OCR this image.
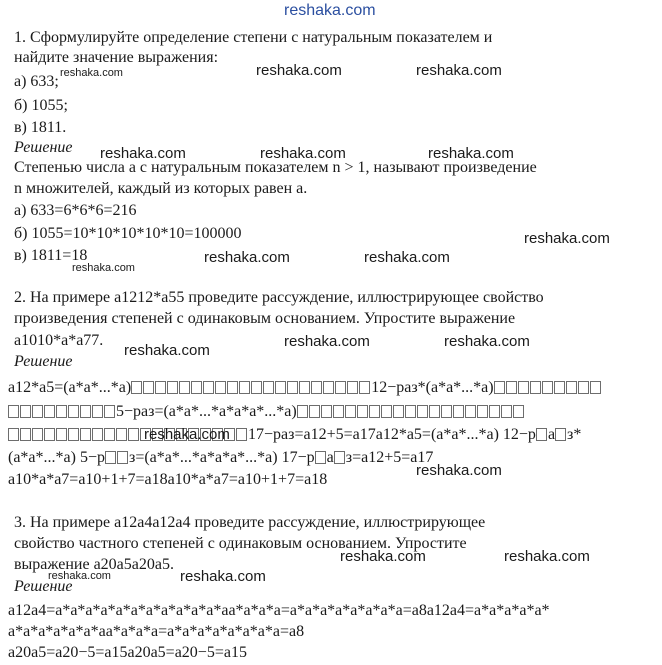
reshaka.com
1. Сформулируйте определение степени с натуральным показателем и
найдите значение выражения:
а) 633;
б) 1055;
в) 1811.
Решение
Степенью числа a с натуральным показателем n > 1, называют произведение
n множителей, каждый из которых равен a.
а) 633=6*6*6=216
б) 1055=10*10*10*10*10=100000
в) 1811=18
reshaka.com	reshaka.com	reshaka.com
reshaka.com	reshaka.com	reshaka.com
reshaka.com
reshaka.com	reshaka.com
reshaka.com
2. На примере a1212*a55 проведите рассуждение, иллюстрирующее свойство
произведения степеней с одинаковым основанием. Упростите выражение
a1010*a*a77.
Решение
reshaka.com
reshaka.com	reshaka.com
a12*a5=(a*a*...*a)	12−раз*(a*a*...*a)
5−раз=(a*a*...*a*a*a*...*a)
17−раз=a12+5=a17a12*a5=(a*a*...*a) 12−р a з*
reshaka.com
(a*a*...*a) 5−р з=(a*a*...*a*a*a*...*a) 17−р a з=a12+5=a17
reshaka.com
a10*a*a7=a10+1+7=a18a10*a*a7=a10+1+7=a18
3. На примере a12a4a12a4 проведите рассуждение, иллюстрирующее
свойство частного степеней с одинаковым основанием. Упростите
выражение a20a5a20a5.
Решение
reshaka.com	reshaka.com
reshaka.com	reshaka.com
a12a4=a*a*a*a*a*a*a*a*a*a*a*aa*a*a*a=a*a*a*a*a*a*a*a=a8a12a4=a*a*a*a*a*
a*a*a*a*a*a*aa*a*a*a=a*a*a*a*a*a*a*a=a8
a20a5=a20−5=a15a20a5=a20−5=a15
